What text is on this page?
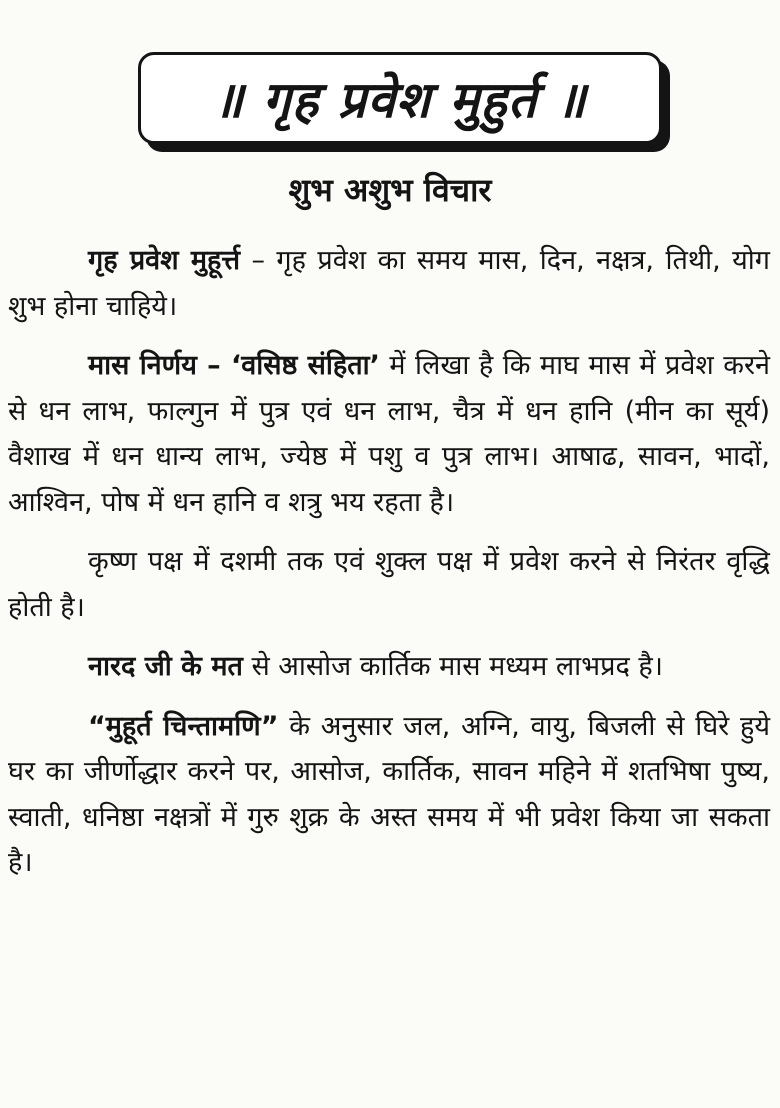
॥ गृह प्रवेश मुहुर्त ॥
शुभ अशुभ विचार

गृह प्रवेश मुहूर्त्त – गृह प्रवेश का समय मास, दिन, नक्षत्र, तिथी, योग शुभ होना चाहिये।

मास निर्णय – ‘वसिष्ठ संहिता’ में लिखा है कि माघ मास में प्रवेश करने से धन लाभ, फाल्गुन में पुत्र एवं धन लाभ, चैत्र में धन हानि (मीन का सूर्य) वैशाख में धन धान्य लाभ, ज्येष्ठ में पशु व पुत्र लाभ। आषाढ, सावन, भादों, आश्विन, पोष में धन हानि व शत्रु भय रहता है।

कृष्ण पक्ष में दशमी तक एवं शुक्ल पक्ष में प्रवेश करने से निरंतर वृद्धि होती है।

नारद जी के मत से आसोज कार्तिक मास मध्यम लाभप्रद है।

“मुहूर्त चिन्तामणि” के अनुसार जल, अग्नि, वायु, बिजली से घिरे हुये घर का जीर्णोद्धार करने पर, आसोज, कार्तिक, सावन महिने में शतभिषा पुष्य, स्वाती, धनिष्ठा नक्षत्रों में गुरु शुक्र के अस्त समय में भी प्रवेश किया जा सकता है।
